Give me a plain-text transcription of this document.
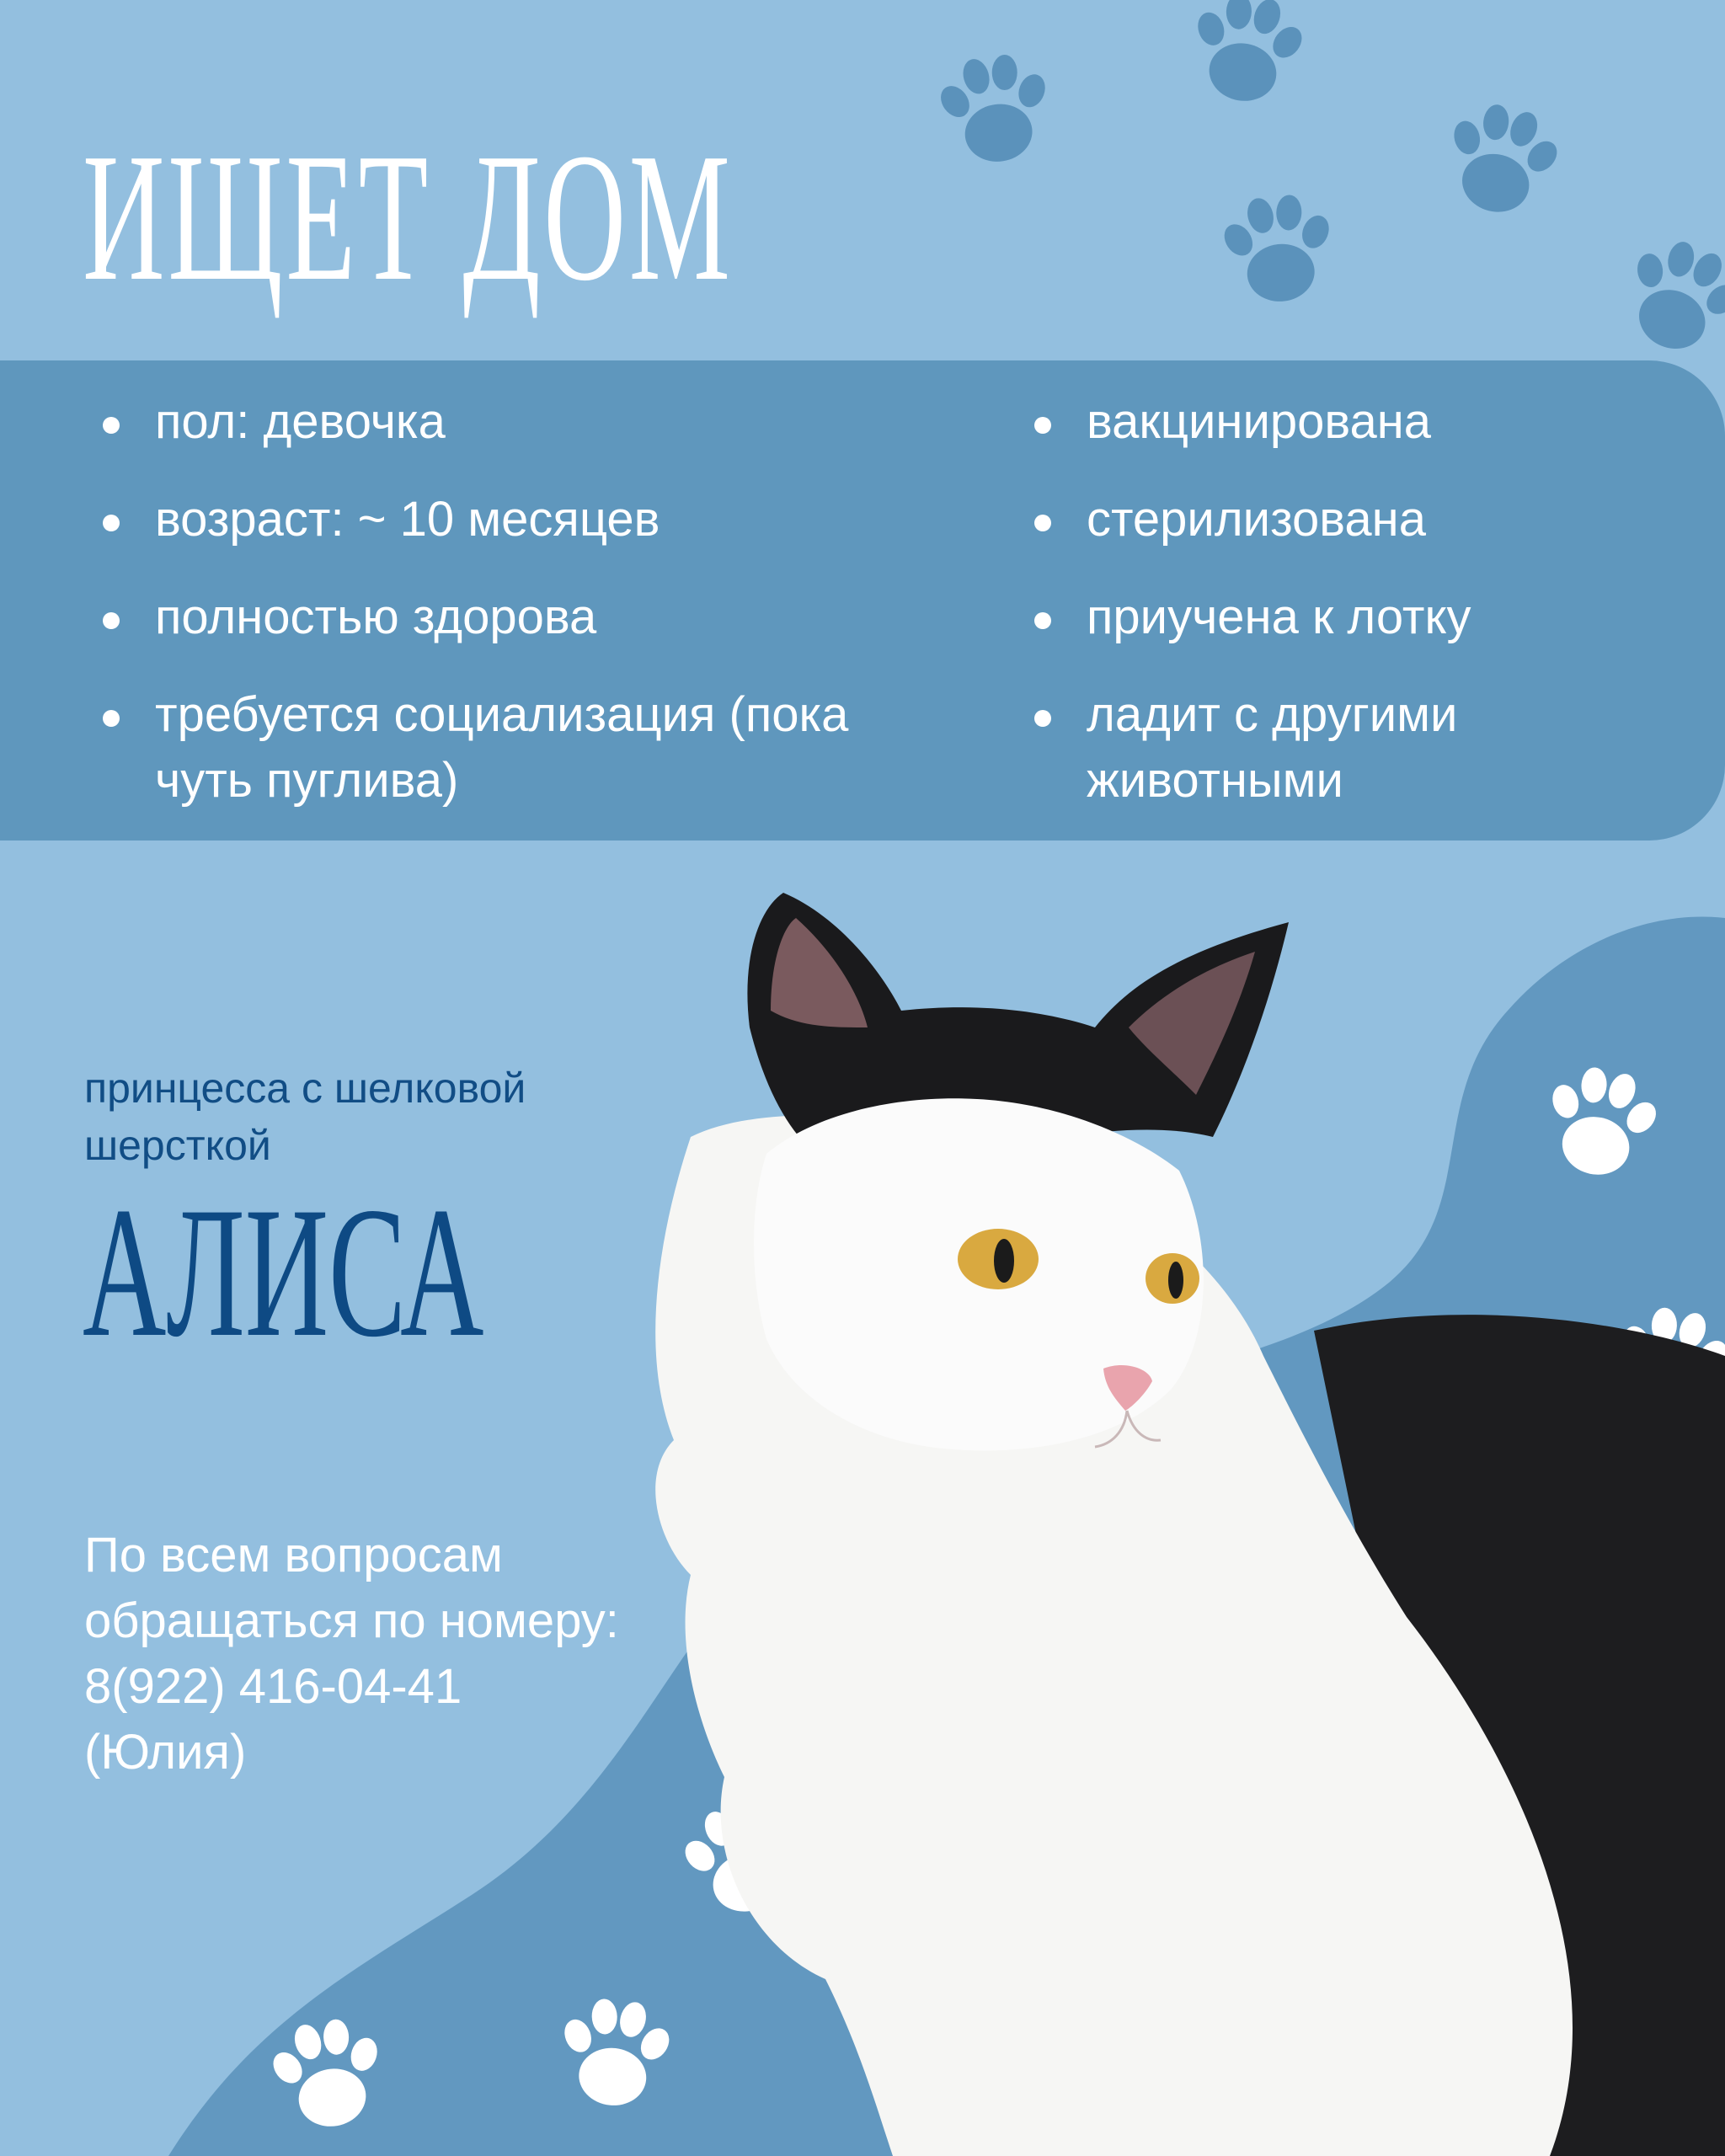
ИЩЕТ ДОМ
пол: девочка
возраст: ~ 10 месяцев
полностью здорова
требуется социализация (пока чуть пуглива)
вакцинирована
стерилизована
приучена к лотку
ладит с другими животными

принцесса с шелковой шерсткой

АЛИСА
По всем вопросам
обращаться по номеру:
8(922) 416-04-41
(Юлия)
